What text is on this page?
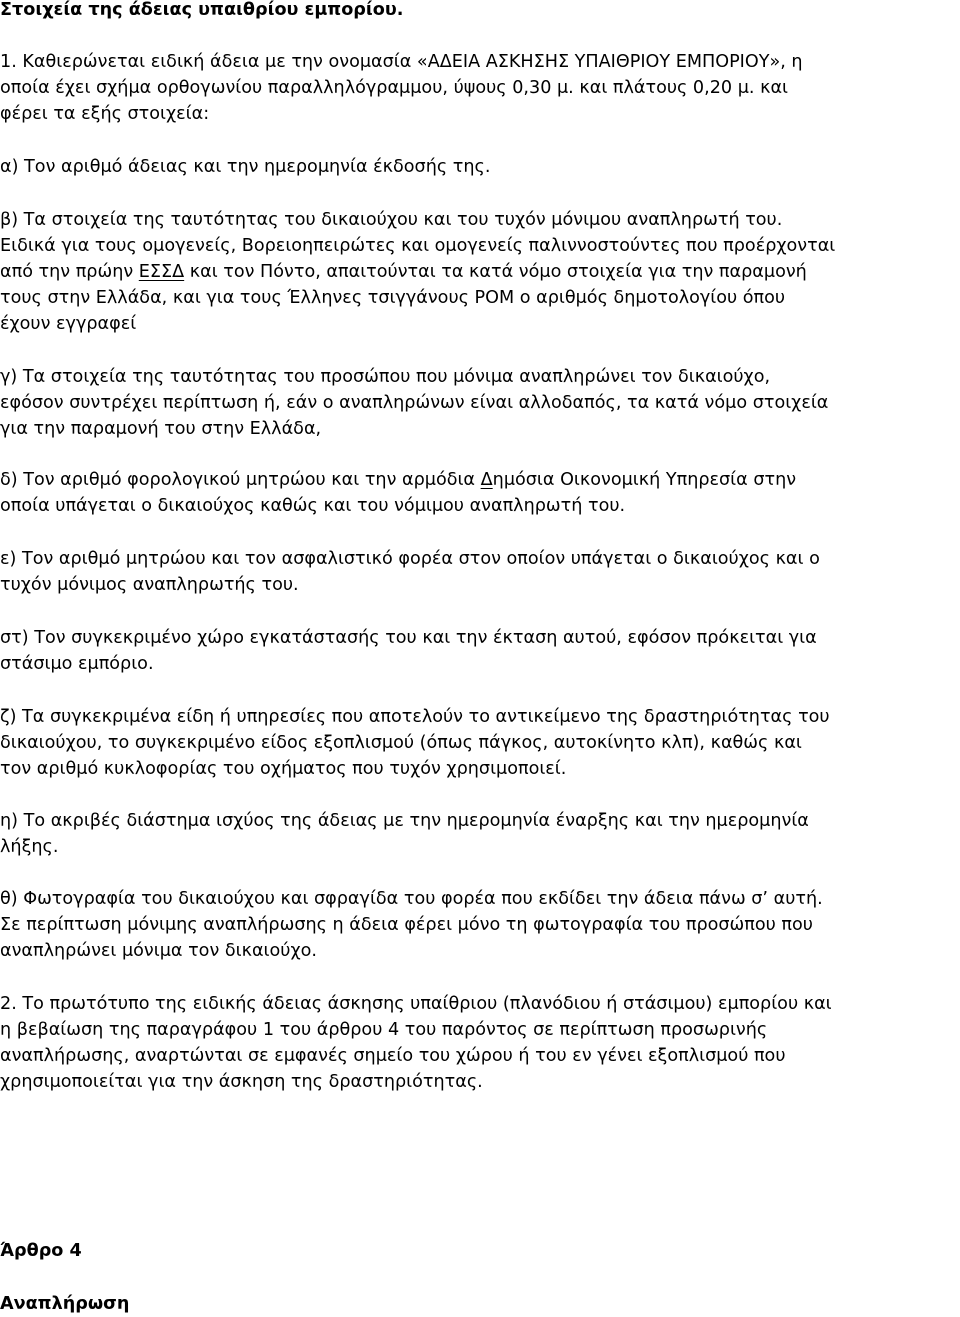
Στοιχεία της άδειας υπαιθρίου εμπορίου.
1. Καθιερώνεται ειδική άδεια με την ονομασία «ΑΔΕΙΑ ΑΣΚΗΣΗΣ ΥΠΑΙΘΡΙΟΥ ΕΜΠΟΡΙΟΥ», η
οποία έχει σχήμα ορθογωνίου παραλληλόγραμμου, ύψους 0,30 μ. και πλάτους 0,20 μ. και
φέρει τα εξής στοιχεία:
α) Τον αριθμό άδειας και την ημερομηνία έκδοσής της.
β) Τα στοιχεία της ταυτότητας του δικαιούχου και του τυχόν μόνιμου αναπληρωτή του.
Ειδικά για τους ομογενείς, Βορειοηπειρώτες και ομογενείς παλιννοστούντες που προέρχονται
από την πρώην ΕΣΣΔ και τον Πόντο, απαιτούνται τα κατά νόμο στοιχεία για την παραμονή
τους στην Ελλάδα, και για τους Έλληνες τσιγγάνους ΡΟΜ ο αριθμός δημοτολογίου όπου
έχουν εγγραφεί
γ) Τα στοιχεία της ταυτότητας του προσώπου που μόνιμα αναπληρώνει τον δικαιούχο,
εφόσον συντρέχει περίπτωση ή, εάν ο αναπληρώνων είναι αλλοδαπός, τα κατά νόμο στοιχεία
για την παραμονή του στην Ελλάδα,
δ) Τον αριθμό φορολογικού μητρώου και την αρμόδια Δημόσια Οικονομική Υπηρεσία στην
οποία υπάγεται ο δικαιούχος καθώς και του νόμιμου αναπληρωτή του.
ε) Τον αριθμό μητρώου και τον ασφαλιστικό φορέα στον οποίον υπάγεται ο δικαιούχος και ο
τυχόν μόνιμος αναπληρωτής του.
στ) Τον συγκεκριμένο χώρο εγκατάστασής του και την έκταση αυτού, εφόσον πρόκειται για
στάσιμο εμπόριο.
ζ) Τα συγκεκριμένα είδη ή υπηρεσίες που αποτελούν το αντικείμενο της δραστηριότητας του
δικαιούχου, το συγκεκριμένο είδος εξοπλισμού (όπως πάγκος, αυτοκίνητο κλπ), καθώς και
τον αριθμό κυκλοφορίας του οχήματος που τυχόν χρησιμοποιεί.
η) Το ακριβές διάστημα ισχύος της άδειας με την ημερομηνία έναρξης και την ημερομηνία
λήξης.
θ) Φωτογραφία του δικαιούχου και σφραγίδα του φορέα που εκδίδει την άδεια πάνω σ’ αυτή.
Σε περίπτωση μόνιμης αναπλήρωσης η άδεια φέρει μόνο τη φωτογραφία του προσώπου που
αναπληρώνει μόνιμα τον δικαιούχο.
2. Το πρωτότυπο της ειδικής άδειας άσκησης υπαίθριου (πλανόδιου ή στάσιμου) εμπορίου και
η βεβαίωση της παραγράφου 1 του άρθρου 4 του παρόντος σε περίπτωση προσωρινής
αναπλήρωσης, αναρτώνται σε εμφανές σημείο του χώρου ή του εν γένει εξοπλισμού που
χρησιμοποιείται για την άσκηση της δραστηριότητας.
Άρθρο 4
Αναπλήρωση
